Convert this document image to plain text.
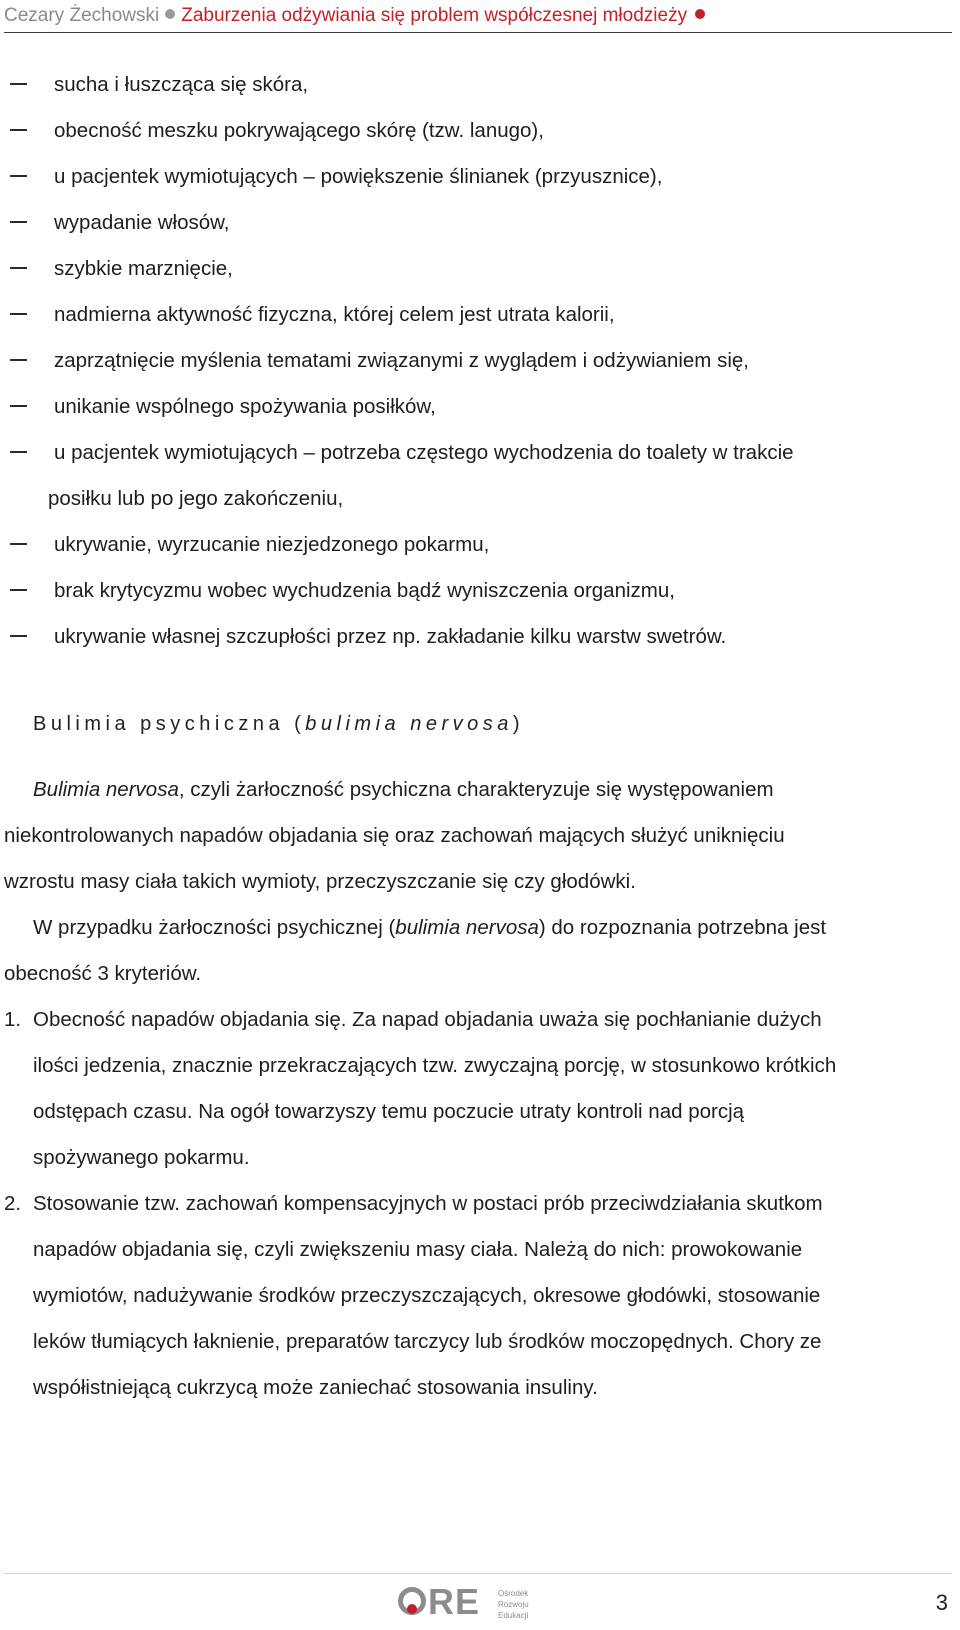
Cezary Żechowski Zaburzenia odżywiania się problem współczesnej młodzieży
sucha i łuszcząca się skóra,
obecność meszku pokrywającego skórę (tzw. lanugo),
u pacjentek wymiotujących – powiększenie ślinianek (przyusznice),
wypadanie włosów,
szybkie marznięcie,
nadmierna aktywność fizyczna, której celem jest utrata kalorii,
zaprzątnięcie myślenia tematami związanymi z wyglądem i odżywianiem się,
unikanie wspólnego spożywania posiłków,
u pacjentek wymiotujących – potrzeba częstego wychodzenia do toalety w trakcie
posiłku lub po jego zakończeniu,
ukrywanie, wyrzucanie niezjedzonego pokarmu,
brak krytycyzmu wobec wychudzenia bądź wyniszczenia organizmu,
ukrywanie własnej szczupłości przez np. zakładanie kilku warstw swetrów.
Bulimia psychiczna (bulimia nervosa)
Bulimia nervosa, czyli żarłoczność psychiczna charakteryzuje się występowaniem
niekontrolowanych napadów objadania się oraz zachowań mających służyć uniknięciu
wzrostu masy ciała takich wymioty, przeczyszczanie się czy głodówki.
W przypadku żarłoczności psychicznej (bulimia nervosa) do rozpoznania potrzebna jest
obecność 3 kryteriów.
1. Obecność napadów objadania się. Za napad objadania uważa się pochłanianie dużych
ilości jedzenia, znacznie przekraczających tzw. zwyczajną porcję, w stosunkowo krótkich
odstępach czasu. Na ogół towarzyszy temu poczucie utraty kontroli nad porcją
spożywanego pokarmu.
2. Stosowanie tzw. zachowań kompensacyjnych w postaci prób przeciwdziałania skutkom
napadów objadania się, czyli zwiększeniu masy ciała. Należą do nich: prowokowanie
wymiotów, nadużywanie środków przeczyszczających, okresowe głodówki, stosowanie
leków tłumiących łaknienie, preparatów tarczycy lub środków moczopędnych. Chory ze
współistniejącą cukrzycą może zaniechać stosowania insuliny.
RE Ośrodek
Rozwoju
Edukacji
3
